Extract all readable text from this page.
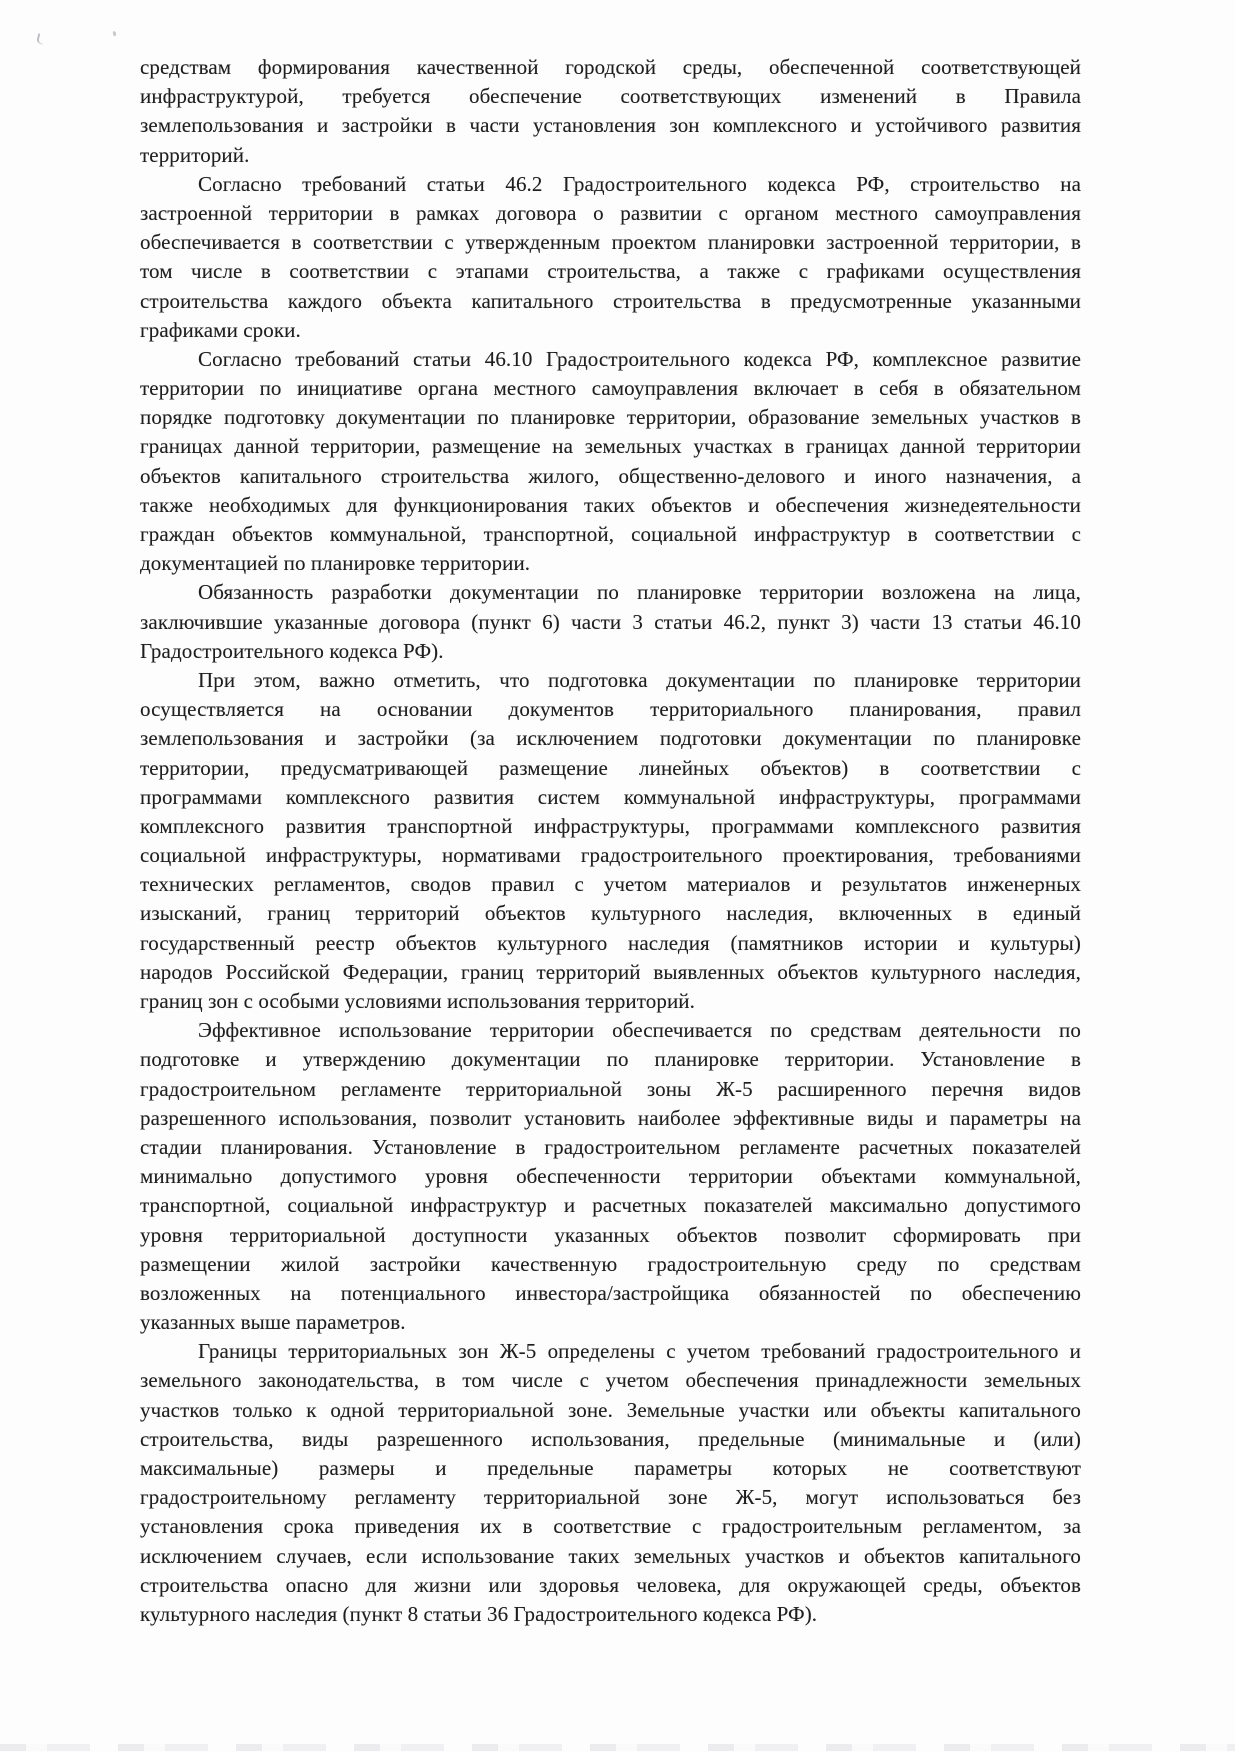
средствам формирования качественной городской среды, обеспеченной соответствующей
инфраструктурой, требуется обеспечение соответствующих изменений в Правила
землепользования и застройки в части установления зон комплексного и устойчивого развития
территорий.
Согласно требований статьи 46.2 Градостроительного кодекса РФ, строительство на
застроенной территории в рамках договора о развитии с органом местного самоуправления
обеспечивается в соответствии с утвержденным проектом планировки застроенной территории, в
том числе в соответствии с этапами строительства, а также с графиками осуществления
строительства каждого объекта капитального строительства в предусмотренные указанными
графиками сроки.
Согласно требований статьи 46.10 Градостроительного кодекса РФ, комплексное развитие
территории по инициативе органа местного самоуправления включает в себя в обязательном
порядке подготовку документации по планировке территории, образование земельных участков в
границах данной территории, размещение на земельных участках в границах данной территории
объектов капитального строительства жилого, общественно-делового и иного назначения, а
также необходимых для функционирования таких объектов и обеспечения жизнедеятельности
граждан объектов коммунальной, транспортной, социальной инфраструктур в соответствии с
документацией по планировке территории.
Обязанность разработки документации по планировке территории возложена на лица,
заключившие указанные договора (пункт 6) части 3 статьи 46.2, пункт 3) части 13 статьи 46.10
Градостроительного кодекса РФ).
При этом, важно отметить, что подготовка документации по планировке территории
осуществляется на основании документов территориального планирования, правил
землепользования и застройки (за исключением подготовки документации по планировке
территории, предусматривающей размещение линейных объектов) в соответствии с
программами комплексного развития систем коммунальной инфраструктуры, программами
комплексного развития транспортной инфраструктуры, программами комплексного развития
социальной инфраструктуры, нормативами градостроительного проектирования, требованиями
технических регламентов, сводов правил с учетом материалов и результатов инженерных
изысканий, границ территорий объектов культурного наследия, включенных в единый
государственный реестр объектов культурного наследия (памятников истории и культуры)
народов Российской Федерации, границ территорий выявленных объектов культурного наследия,
границ зон с особыми условиями использования территорий.
Эффективное использование территории обеспечивается по средствам деятельности по
подготовке и утверждению документации по планировке территории. Установление в
градостроительном регламенте территориальной зоны Ж-5 расширенного перечня видов
разрешенного использования, позволит установить наиболее эффективные виды и параметры на
стадии планирования. Установление в градостроительном регламенте расчетных показателей
минимально допустимого уровня обеспеченности территории объектами коммунальной,
транспортной, социальной инфраструктур и расчетных показателей максимально допустимого
уровня территориальной доступности указанных объектов позволит сформировать при
размещении жилой застройки качественную градостроительную среду по средствам
возложенных на потенциального инвестора/застройщика обязанностей по обеспечению
указанных выше параметров.
Границы территориальных зон Ж-5 определены с учетом требований градостроительного и
земельного законодательства, в том числе с учетом обеспечения принадлежности земельных
участков только к одной территориальной зоне. Земельные участки или объекты капитального
строительства, виды разрешенного использования, предельные (минимальные и (или)
максимальные) размеры и предельные параметры которых не соответствуют
градостроительному регламенту территориальной зоне Ж-5, могут использоваться без
установления срока приведения их в соответствие с градостроительным регламентом, за
исключением случаев, если использование таких земельных участков и объектов капитального
строительства опасно для жизни или здоровья человека, для окружающей среды, объектов
культурного наследия (пункт 8 статьи 36 Градостроительного кодекса РФ).
